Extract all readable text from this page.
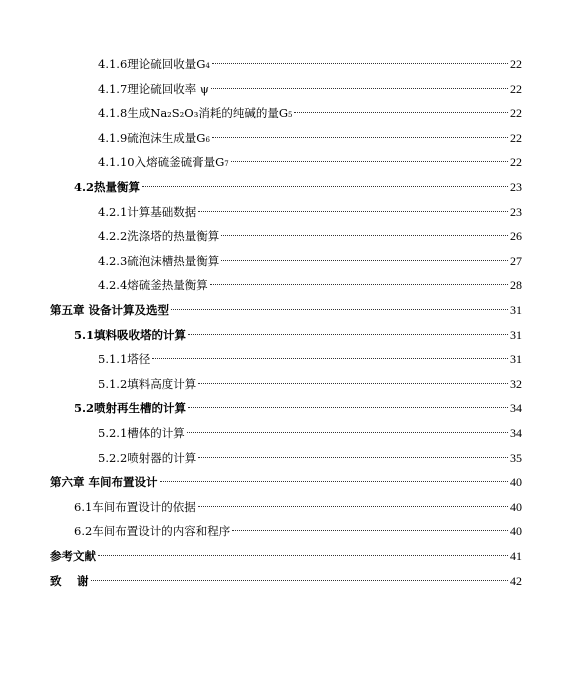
4.1.6理论硫回收量G 4	22
4.1.7理论硫回收率 ψ	22
4.1.8生成Na₂S₂O₃消耗的纯碱的量G 5	22
4.1.9硫泡沫生成量G 6	22
4.1.10入熔硫釜硫膏量G 7	22
4.2热量衡算	23
4.2.1计算基础数据	23
4.2.2洗涤塔的热量衡算	26
4.2.3硫泡沫槽热量衡算	27
4.2.4熔硫釜热量衡算	28
第五章 设备计算及选型	31
5.1填料吸收塔的计算	31
5.1.1塔径	31
5.1.2填料高度计算	32
5.2喷射再生槽的计算	34
5.2.1槽体的计算	34
5.2.2喷射器的计算	35
第六章 车间布置设计	40
6.1车间布置设计的依据	40
6.2车间布置设计的内容和程序	40
参考文献	41
致　 谢	42
